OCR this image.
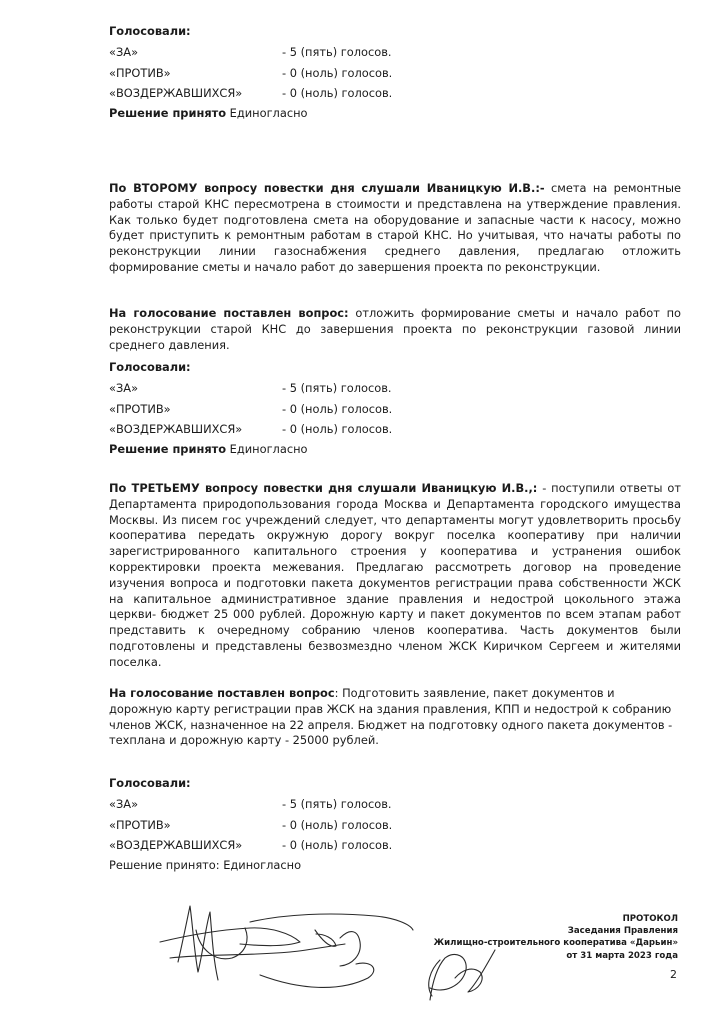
Голосовали:
«ЗА»	- 5 (пять) голосов.
«ПРОТИВ»	- 0 (ноль) голосов.
«ВОЗДЕРЖАВШИХСЯ»	- 0 (ноль) голосов.
Решение принято Единогласно
По ВТОРОМУ вопросу повестки дня слушали Иваницкую И.В.:- смета на ремонтные работы старой КНС пересмотрена в стоимости и представлена на утверждение правления. Как только будет подготовлена смета на оборудование и запасные части к насосу, можно будет приступить к ремонтным работам в старой КНС. Но учитывая, что начаты работы по реконструкции линии газоснабжения среднего давления, предлагаю отложить формирование сметы и начало работ до завершения проекта по реконструкции.
На голосование поставлен вопрос: отложить формирование сметы и начало работ по реконструкции старой КНС до завершения проекта по реконструкции газовой линии среднего давления.
Голосовали:
«ЗА»	- 5 (пять) голосов.
«ПРОТИВ»	- 0 (ноль) голосов.
«ВОЗДЕРЖАВШИХСЯ»	- 0 (ноль) голосов.
Решение принято Единогласно
По ТРЕТЬЕМУ вопросу повестки дня слушали Иваницкую И.В.,: - поступили ответы от Департамента природопользования города Москва и Департамента городского имущества Москвы. Из писем гос учреждений следует, что департаменты могут удовлетворить просьбу кооператива передать окружную дорогу вокруг поселка кооперативу при наличии зарегистрированного капитального строения у кооператива и устранения ошибок корректировки проекта межевания. Предлагаю рассмотреть договор на проведение изучения вопроса и подготовки пакета документов регистрации права собственности ЖСК на капитальное административное здание правления и недострой цокольного этажа церкви- бюджет 25 000 рублей. Дорожную карту и пакет документов по всем этапам работ представить к очередному собранию членов кооператива. Часть документов были подготовлены и представлены безвозмездно членом ЖСК Киричком Сергеем и жителями поселка.
На голосование поставлен вопрос: Подготовить заявление, пакет документов и дорожную карту регистрации прав ЖСК на здания правления, КПП и недострой к собранию членов ЖСК, назначенное на 22 апреля. Бюджет на подготовку одного пакета документов - техплана и дорожную карту - 25000 рублей.
Голосовали:
«ЗА»	- 5 (пять) голосов.
«ПРОТИВ»	- 0 (ноль) голосов.
«ВОЗДЕРЖАВШИХСЯ»	- 0 (ноль) голосов.
Решение принято: Единогласно
ПРОТОКОЛ
Заседания Правления
Жилищно-строительного кооператива «Дарьин»
от 31 марта 2023 года
2
